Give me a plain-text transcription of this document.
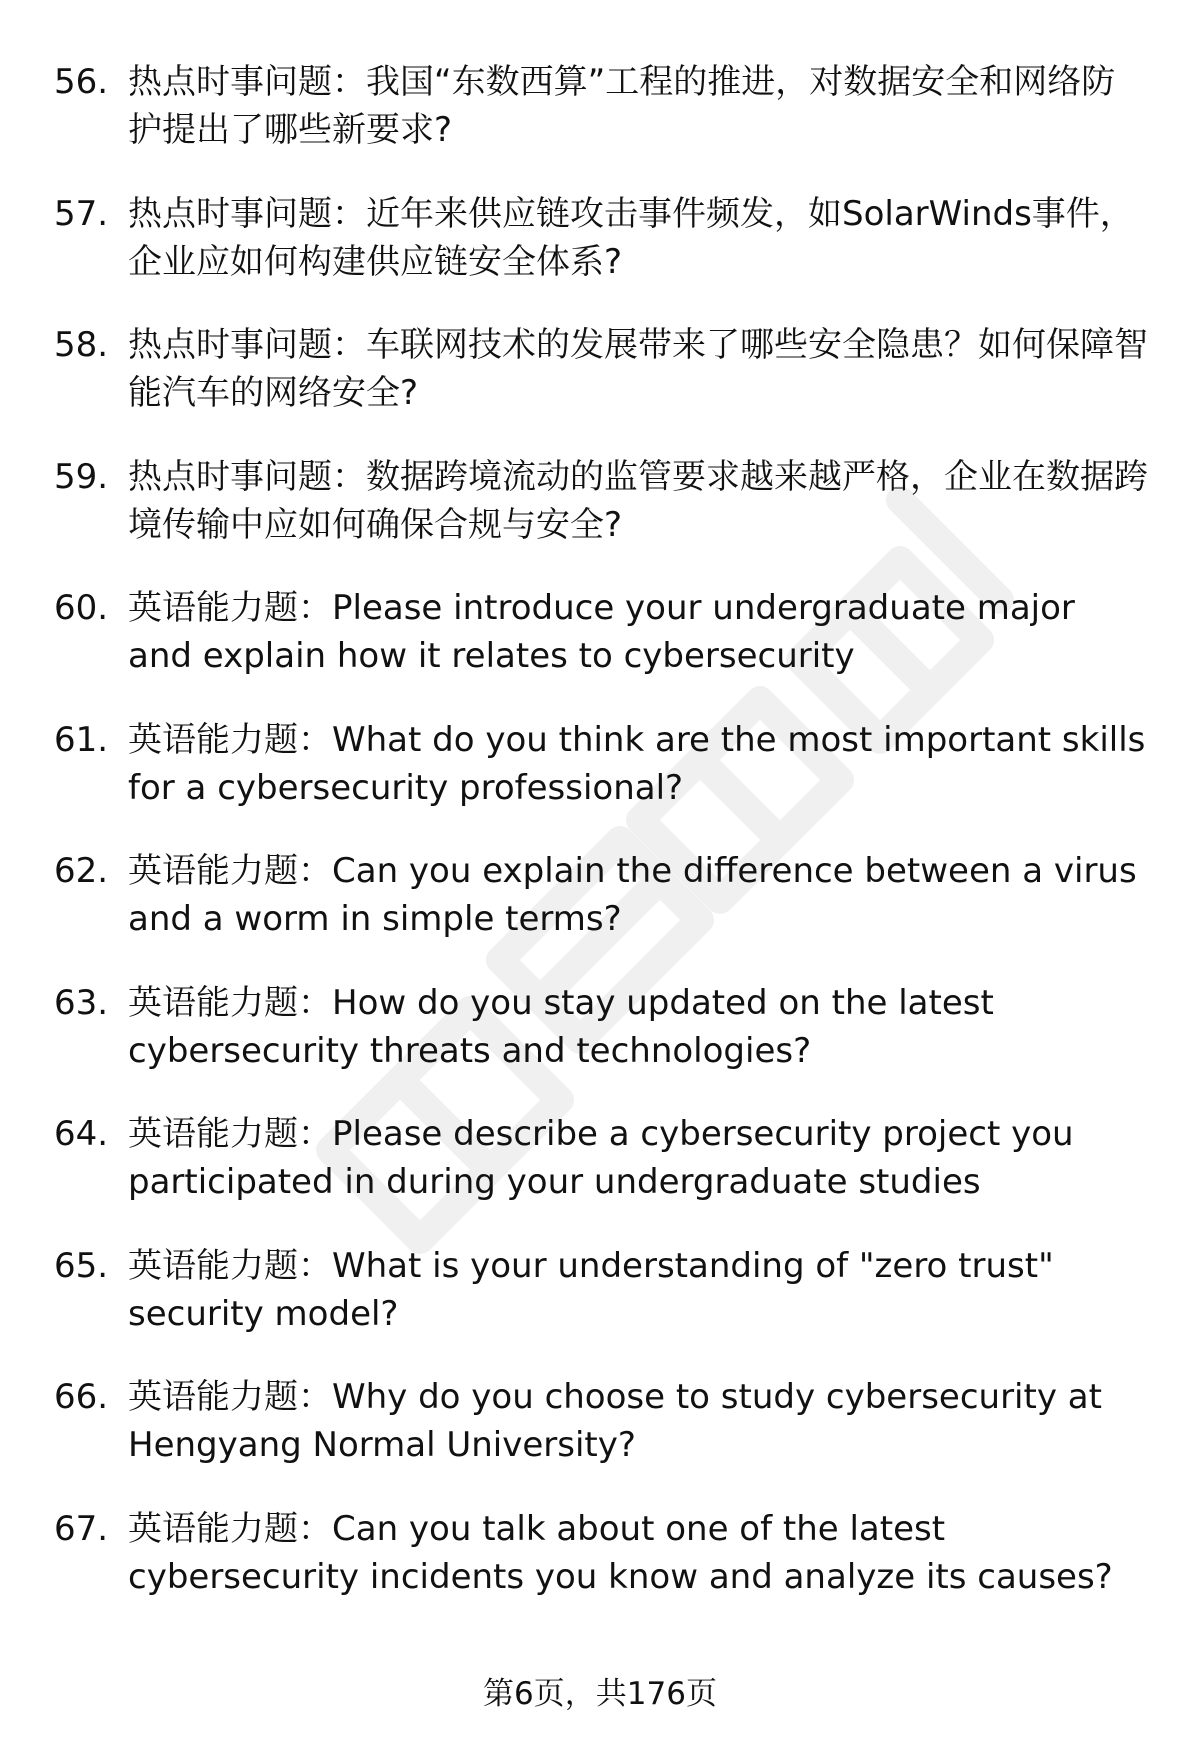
56. 热点时事问题：我国“东数西算”工程的推进，对数据安全和网络防护提出了哪些新要求?
57. 热点时事问题：近年来供应链攻击事件频发，如SolarWinds事件，企业应如何构建供应链安全体系?
58. 热点时事问题：车联网技术的发展带来了哪些安全隐患？如何保障智能汽车的网络安全?
59. 热点时事问题：数据跨境流动的监管要求越来越严格，企业在数据跨境传输中应如何确保合规与安全?
60. 英语能力题：Please introduce your undergraduate major and explain how it relates to cybersecurity
61. 英语能力题：What do you think are the most important skills for a cybersecurity professional?
62. 英语能力题：Can you explain the difference between a virus and a worm in simple terms?
63. 英语能力题：How do you stay updated on the latest cybersecurity threats and technologies?
64. 英语能力题：Please describe a cybersecurity project you participated in during your undergraduate studies
65. 英语能力题：What is your understanding of "zero trust" security model?
66. 英语能力题：Why do you choose to study cybersecurity at Hengyang Normal University?
67. 英语能力题：Can you talk about one of the latest cybersecurity incidents you know and analyze its causes?
第6页，共176页
